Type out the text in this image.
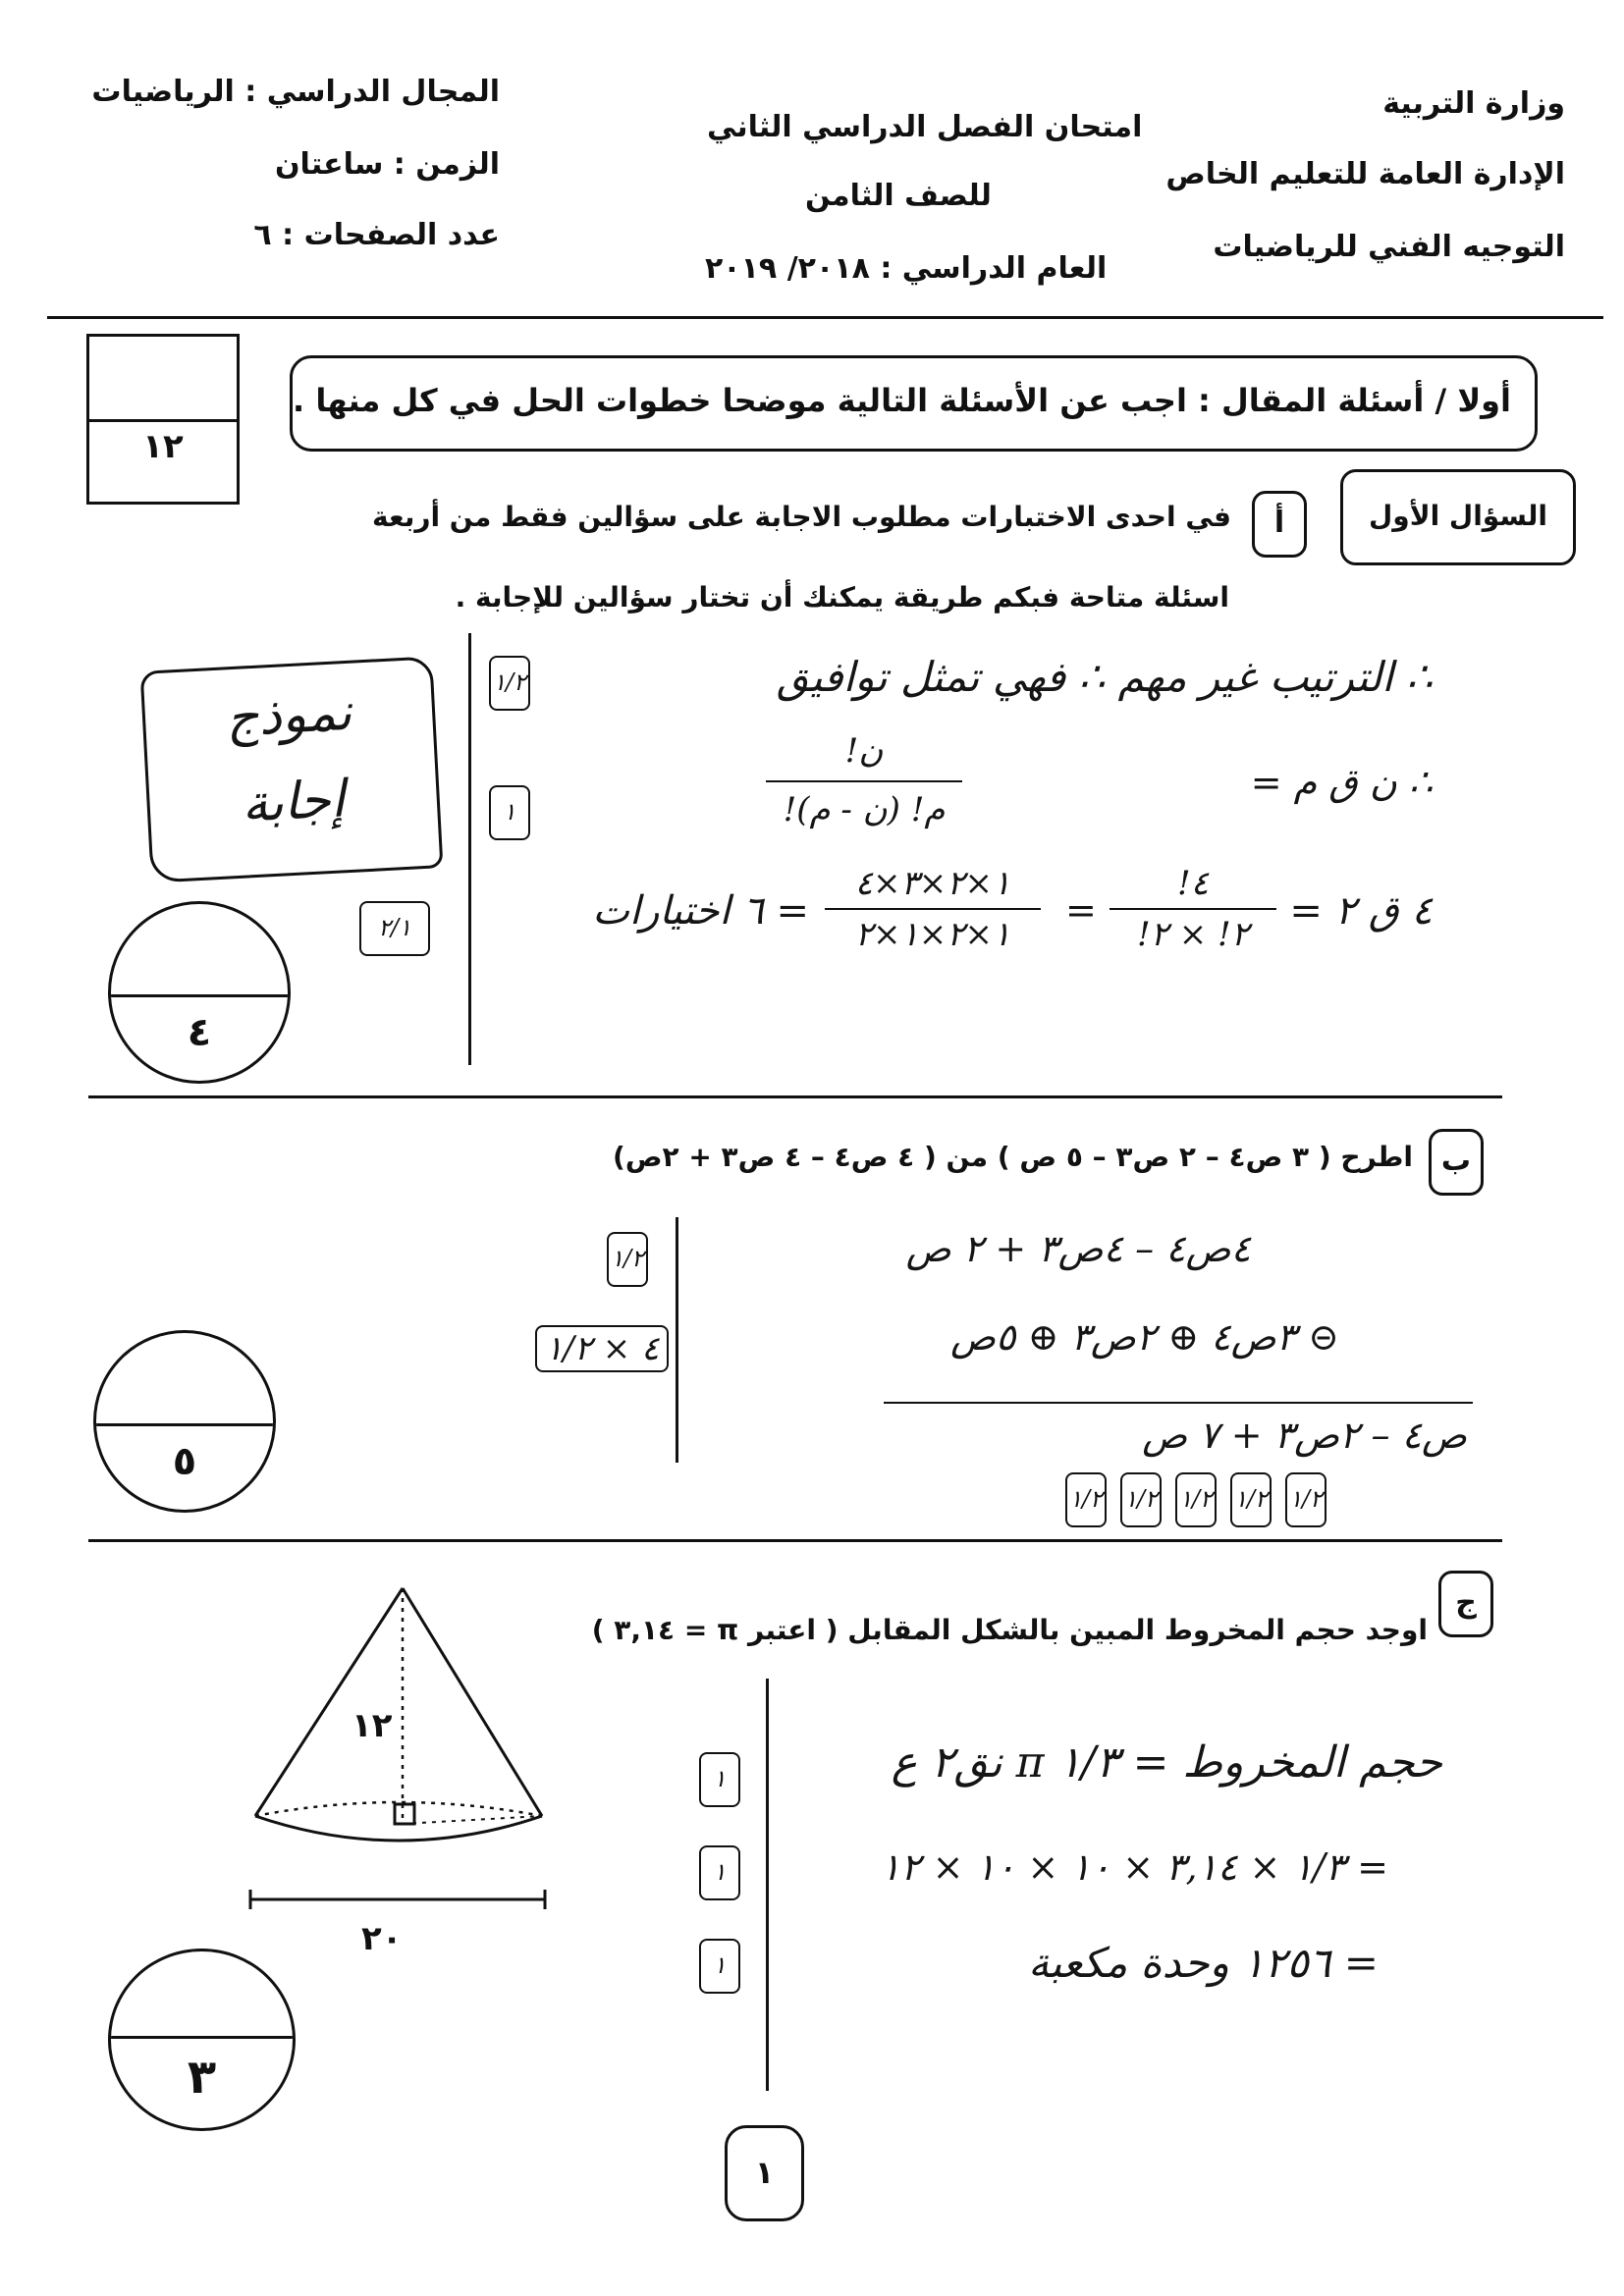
وزارة التربية
الإدارة العامة للتعليم الخاص
التوجيه الفني للرياضيات
امتحان الفصل الدراسي الثاني
للصف الثامن
العام الدراسي : ٢٠١٨/ ٢٠١٩
المجال الدراسي : الرياضيات
الزمن : ساعتان
عدد الصفحات : ٦
١٢
أولا / أسئلة المقال : اجب عن الأسئلة التالية موضحا خطوات الحل في كل منها .
السؤال الأول
أ
في احدى الاختبارات مطلوب الاجابة على سؤالين فقط من أربعة
اسئلة متاحة فبكم طريقة يمكنك أن تختار سؤالين للإجابة .
نموذج
إجابة
١/٢
١
٢/١
∴ الترتيب غير مهم ∴ فهي تمثل توافيق
∴ ن ق م =
ن!
م! (ن - م)!
٤ ق ٢ =
٤!
٢! × ٢!
=
١×٢×٣×٤
١×٢×١×٢
= ٦ اختيارات
٤
ب
اطرح ( ٣ ص٤ – ٢ ص٣ – ٥ ص ) من ( ٤ ص٤ – ٤ ص٣ + ٢ص)
١/٢
٤ × ١/٢
٤ص٤ – ٤ص٣ + ٢ ص
⊝ ٣ص٤ ⊕ ٢ص٣ ⊕ ٥ص
ص٤ – ٢ص٣ + ٧ ص
١/٢ ١/٢ ١/٢ ١/٢ ١/٢
٥
ج
اوجد حجم المخروط المبين بالشكل المقابل ( اعتبر π = ٣,١٤ )
١٢
٢٠
١
١
١
حجم المخروط = ١/٣ π نق٢ ع
= ١/٣ × ٣,١٤ × ١٠ × ١٠ × ١٢
= ١٢٥٦ وحدة مكعبة
٣
١
